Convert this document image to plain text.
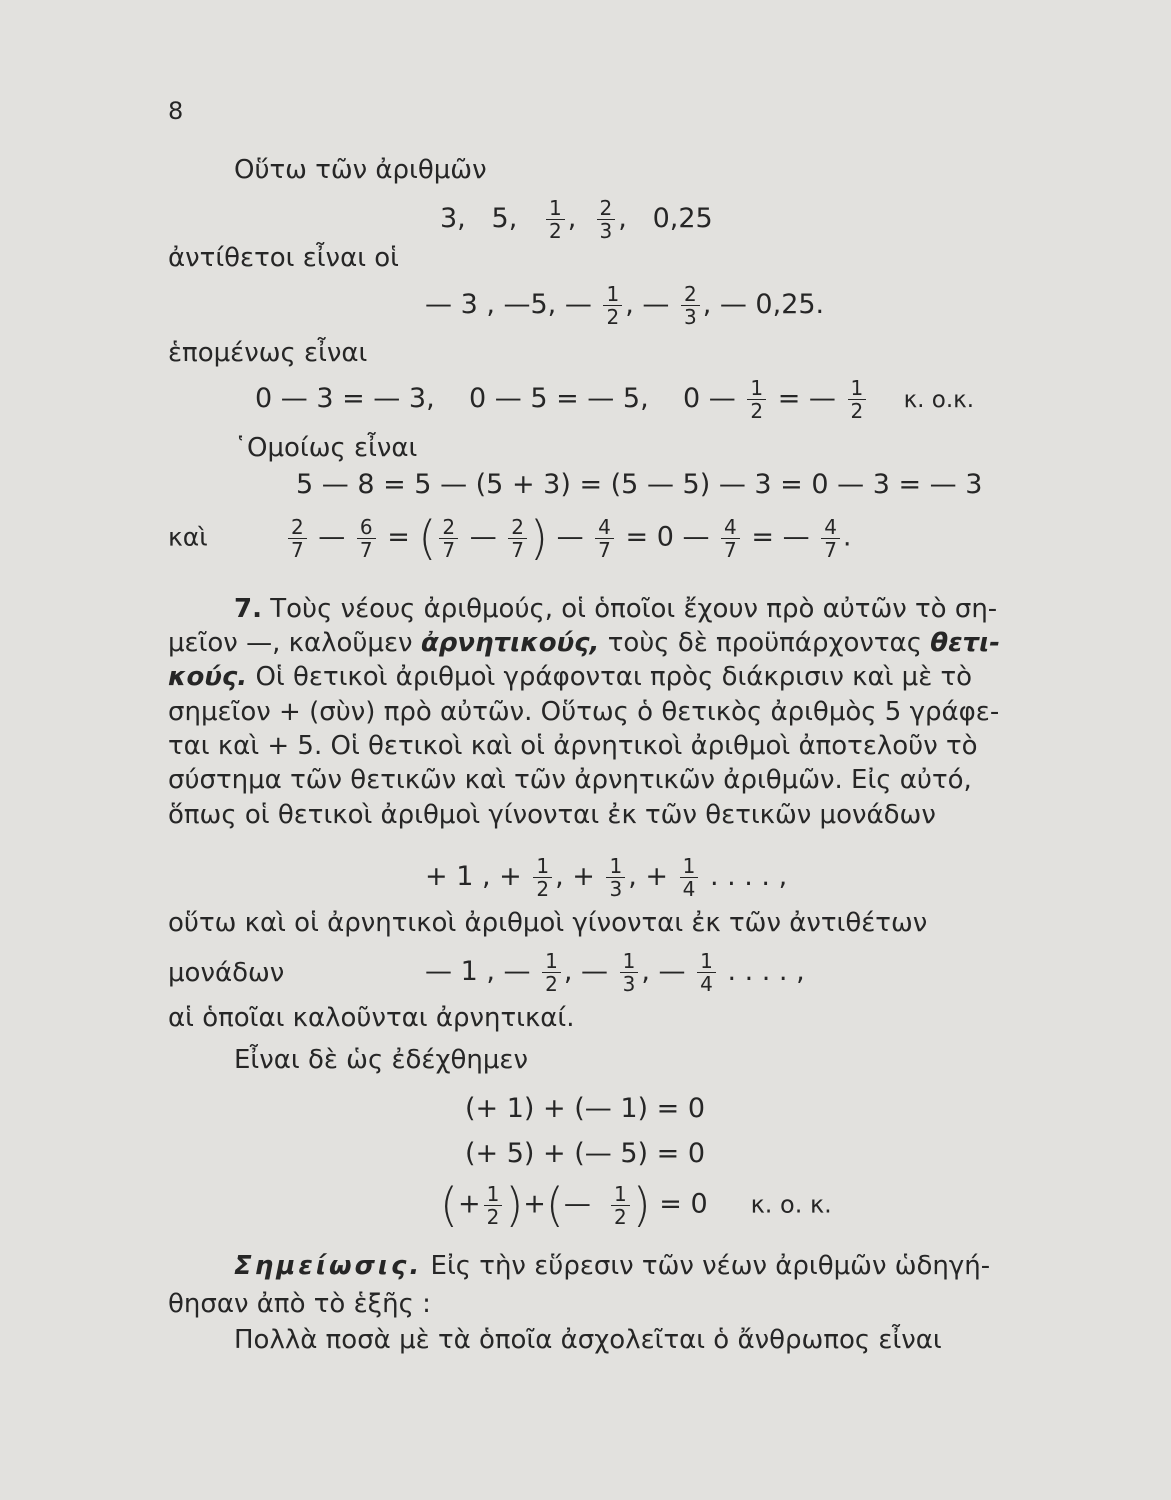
8
Οὕτω τῶν ἀριθμῶν
3, 5, $\frac{1}{2}$ , $\frac{2}{3}$ ,   0,25
ἀντίθετοι εἶναι οἱ
— 3 , —5, — $\frac{1}{2}$ , — $\frac{2}{3}$ , — 0,25.
ἑπομένως εἶναι
0 — 3 = — 3, 0 — 5 = — 5, 0 — $\frac{1}{2}$ = — $\frac{1}{2} \kappa$. ο.κ.
῾Ομοίως εἶναι
5 — 8 = 5 — (5 + 3) = (5 — 5) — 3 = 0 — 3 = — 3
καὶ	$\frac{2}{7}$ — $\frac{6}{7}$ = ( $\frac{2}{7}$ — $\frac{2}{7}$ ) — $\frac{4}{7} = 0$ — $\frac{4}{7}$ = — $\frac{4}{7}$ .
7. Τοὺς νέους ἀριθμούς, οἱ ὁποῖοι ἔχουν πρὸ αὐτῶν τὸ ση-
μεῖον —, καλοῦμεν ἀρνητικούς, τοὺς δὲ προϋπάρχοντας θετι-
κούς. Οἱ θετικοὶ ἀριθμοὶ γράφονται πρὸς διάκρισιν καὶ μὲ τὸ
σημεῖον + (σὺν) πρὸ αὐτῶν. Οὕτως ὁ θετικὸς ἀριθμὸς 5 γράφε-
ται καὶ + 5. Οἱ θετικοὶ καὶ οἱ ἀρνητικοὶ ἀριθμοὶ ἀποτελοῦν τὸ
σύστημα τῶν θετικῶν καὶ τῶν ἀρνητικῶν ἀριθμῶν. Εἰς αὐτό,
ὅπως οἱ θετικοὶ ἀριθμοὶ γίνονται ἐκ τῶν θετικῶν μονάδων
+ 1 , + $\frac{1}{2}$ , + $\frac{1}{3}$ , + $\frac{1}{4}$ . . . . ,
οὕτω καὶ οἱ ἀρνητικοὶ ἀριθμοὶ γίνονται ἐκ τῶν ἀντιθέτων
μονάδων	— 1 , — $\frac{1}{2}$ , — $\frac{1}{3}$ , — $\frac{1}{4}$ . . . . ,
αἱ ὁποῖαι καλοῦνται ἀρνητικαί.
Εἶναι δὲ ὡς ἐδέχθημεν
(+ 1) + (— 1) = 0
(+ 5) + (— 5) = 0
(+ $\frac{1}{2}$ )+(— $\frac{1}{2}$ ) = 0 κ. ο. κ.
Σημείωσις. Εἰς τὴν εὕρεσιν τῶν νέων ἀριθμῶν ὡδηγή-
θησαν ἀπὸ τὸ ἑξῆς :
Πολλὰ ποσὰ μὲ τὰ ὁποῖα ἀσχολεῖται ὁ ἄνθρωπος εἶναι
